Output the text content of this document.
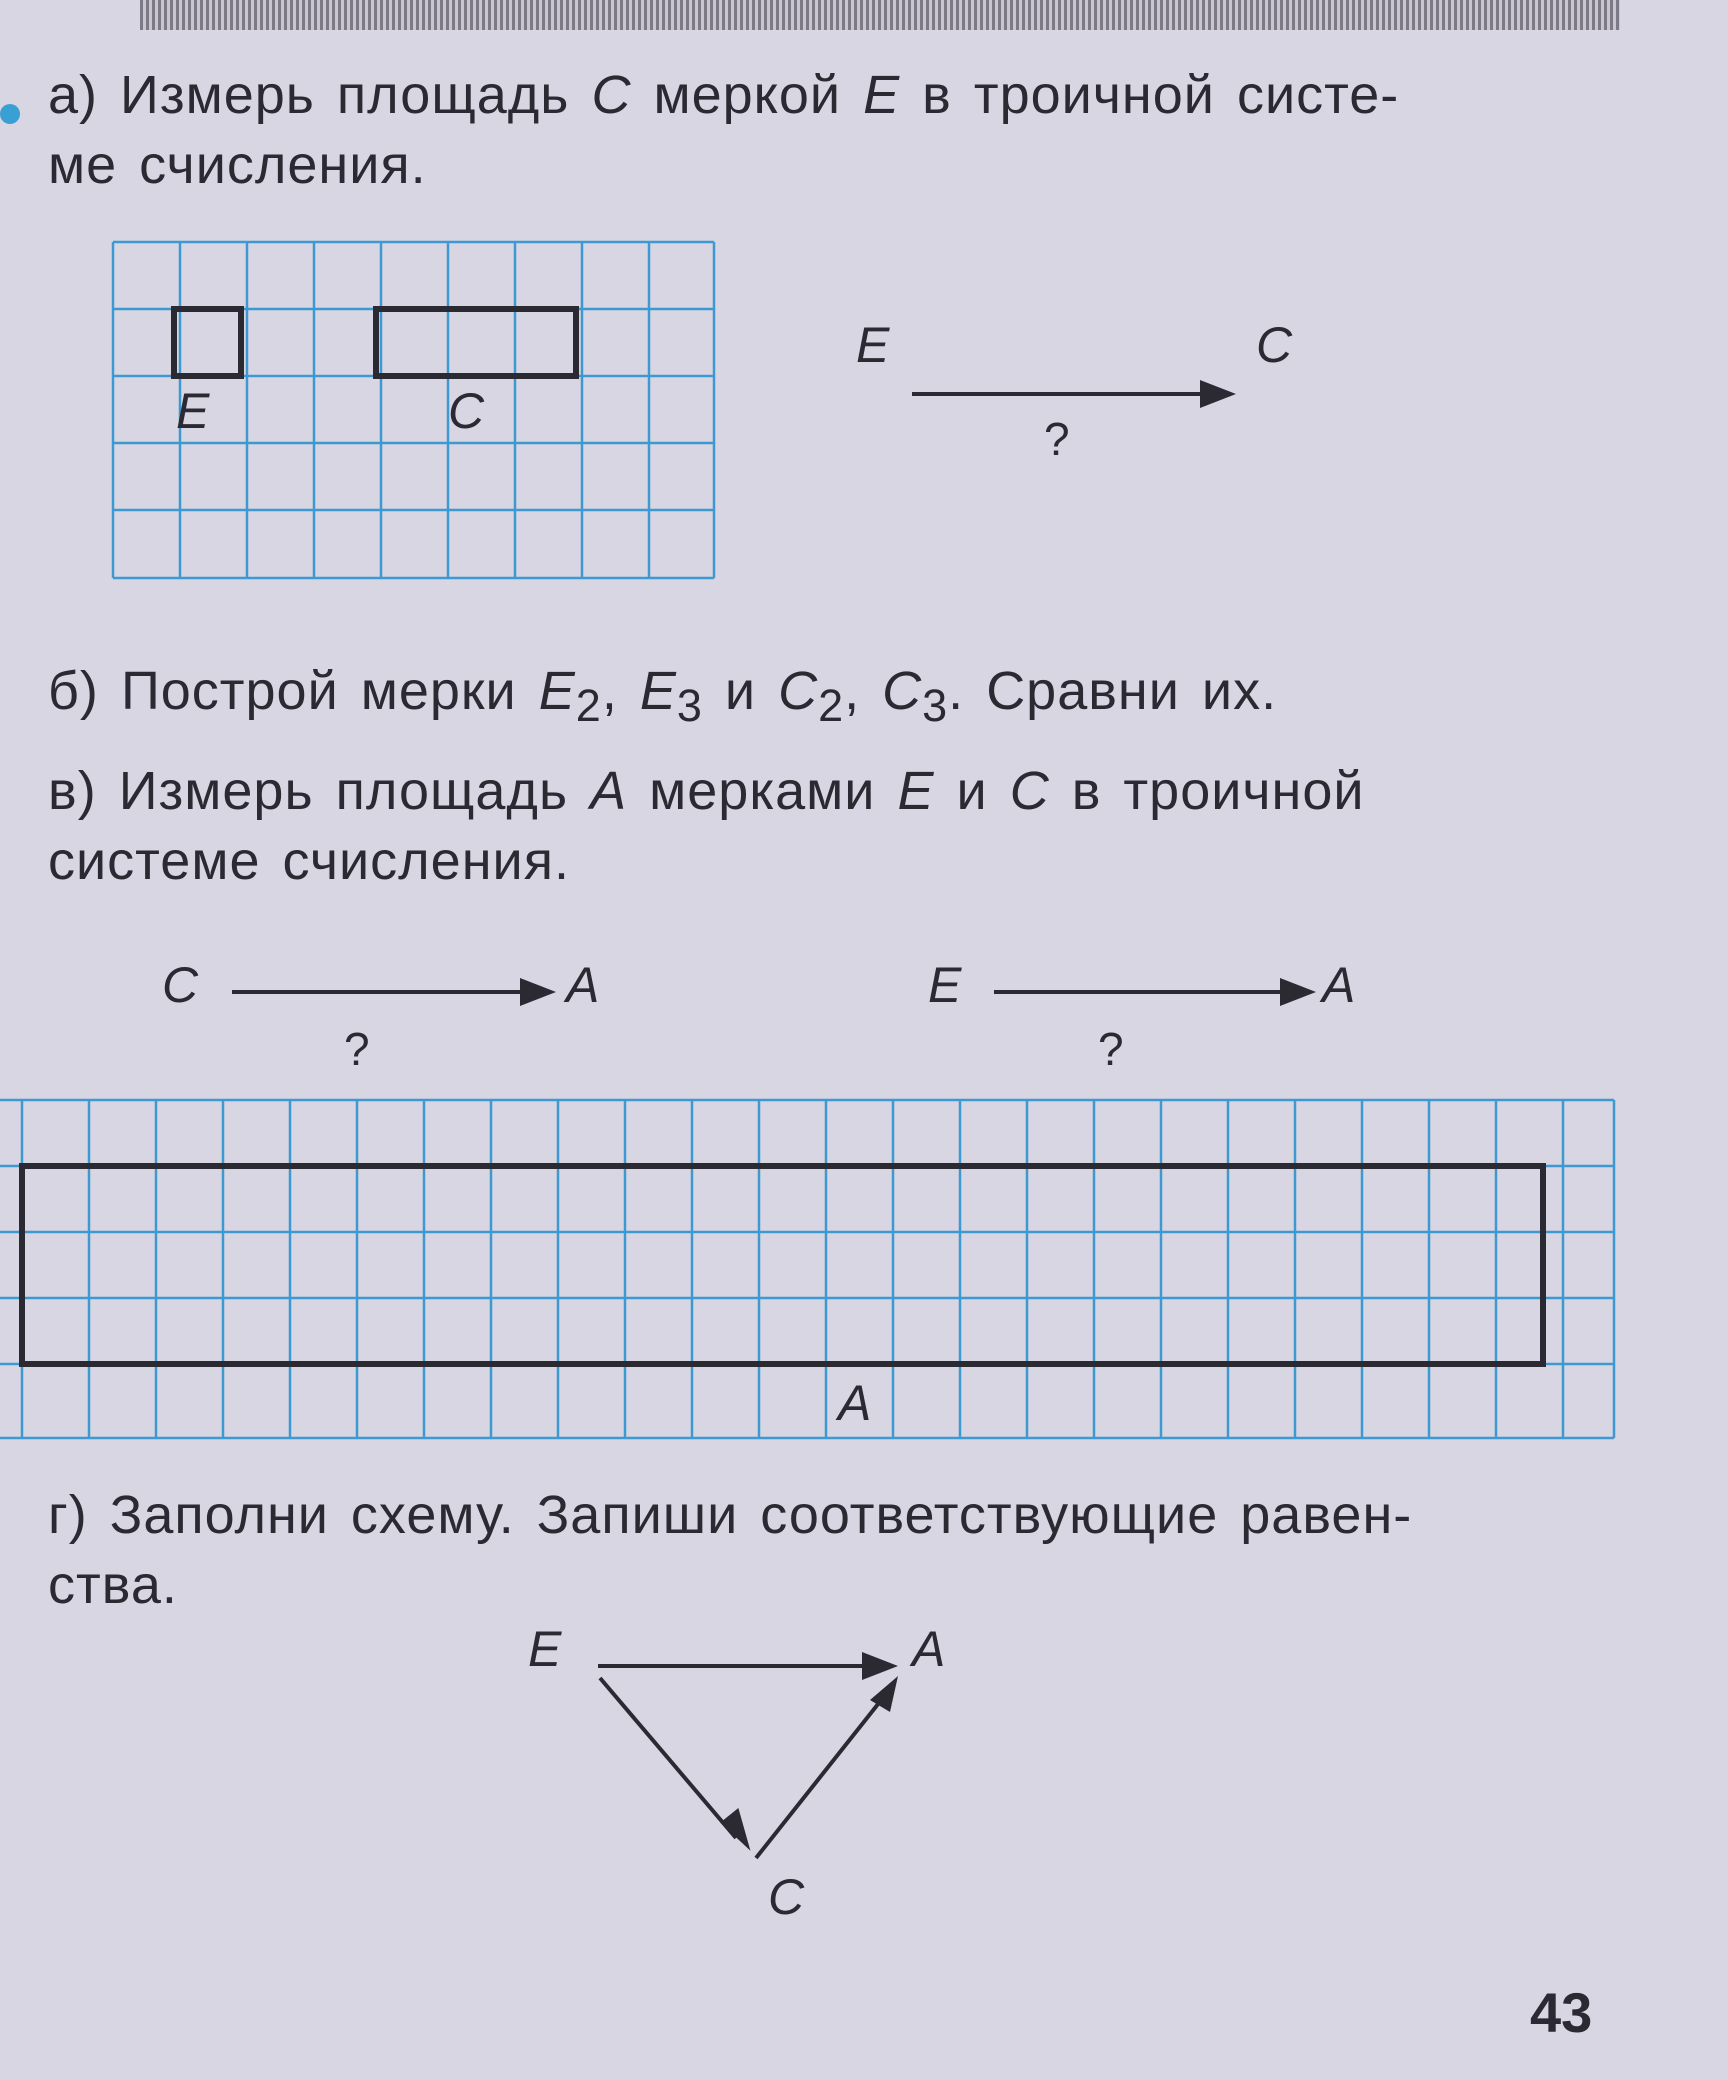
а) Измерь площадь C меркой E в троичной систе-
ме счисления.
E	C
E	C
?
б) Построй мерки $E_2$, $E_3$ и $C_2$, $C_3$. Сравни их.
в) Измерь площадь A мерками E и C в троичной
системе счисления.
C	A
?
E	A
?
A
г) Заполни схему. Запиши соответствующие равен-
ства.
E	A
C
43
